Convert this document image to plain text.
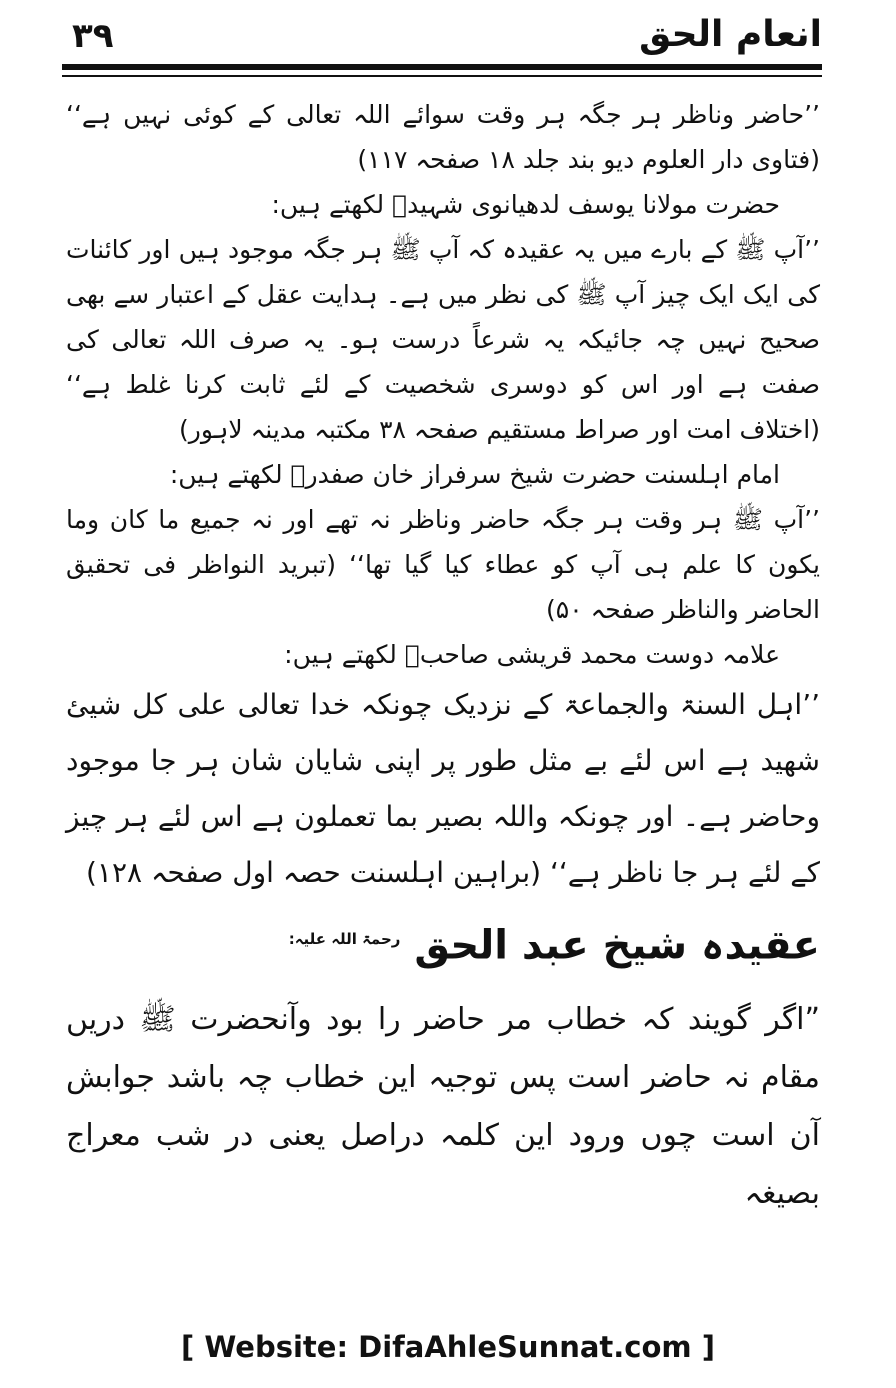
۳۹	انعام الحق

’’حاضر وناظر ہر جگہ ہر وقت سوائے اللہ تعالی کے کوئی نہیں ہے‘‘ (فتاوی دار العلوم دیو بند جلد ۱۸ صفحہ ۱۱۷)

حضرت مولانا یوسف لدھیانوی شہیدؒ لکھتے ہیں:

’’آپ ﷺ کے بارے میں یہ عقیدہ کہ آپ ﷺ ہر جگہ موجود ہیں اور کائنات کی ایک ایک چیز آپ ﷺ کی نظر میں ہے۔ ہدایت عقل کے اعتبار سے بھی صحیح نہیں چہ جائیکہ یہ شرعاً درست ہو۔ یہ صرف اللہ تعالی کی صفت ہے اور اس کو دوسری شخصیت کے لئے ثابت کرنا غلط ہے‘‘ (اختلاف امت اور صراط مستقیم صفحہ ۳۸ مکتبہ مدینہ لاہور)

امام اہلسنت حضرت شیخ سرفراز خان صفدرؒ لکھتے ہیں:

’’آپ ﷺ ہر وقت ہر جگہ حاضر وناظر نہ تھے اور نہ جمیع ما کان وما یکون کا علم ہی آپ کو عطاء کیا گیا تھا‘‘ (تبرید النواظر فی تحقیق الحاضر والناظر صفحہ ۵۰)

علامہ دوست محمد قریشی صاحبؒ لکھتے ہیں:

’’اہل السنۃ والجماعۃ کے نزدیک چونکہ خدا تعالی علی کل شیئ شھید ہے اس لئے بے مثل طور پر اپنی شایان شان ہر جا موجود وحاضر ہے۔ اور چونکہ واللہ بصیر بما تعملون ہے اس لئے ہر چیز کے لئے ہر جا ناظر ہے‘‘ (براہین اہلسنت حصہ اول صفحہ ۱۲۸)

عقیدہ شیخ عبد الحق $^{رحمۃ اللہ علیہ:}$

”اگر گویند کہ خطاب مر حاضر را بود وآنحضرت ﷺ دریں مقام نہ حاضر است پس توجیہ این خطاب چہ باشد جوابش آن است چوں ورود این کلمہ دراصل یعنی در شب معراج بصیغہ

[ Website: DifaAhleSunnat.com ]
